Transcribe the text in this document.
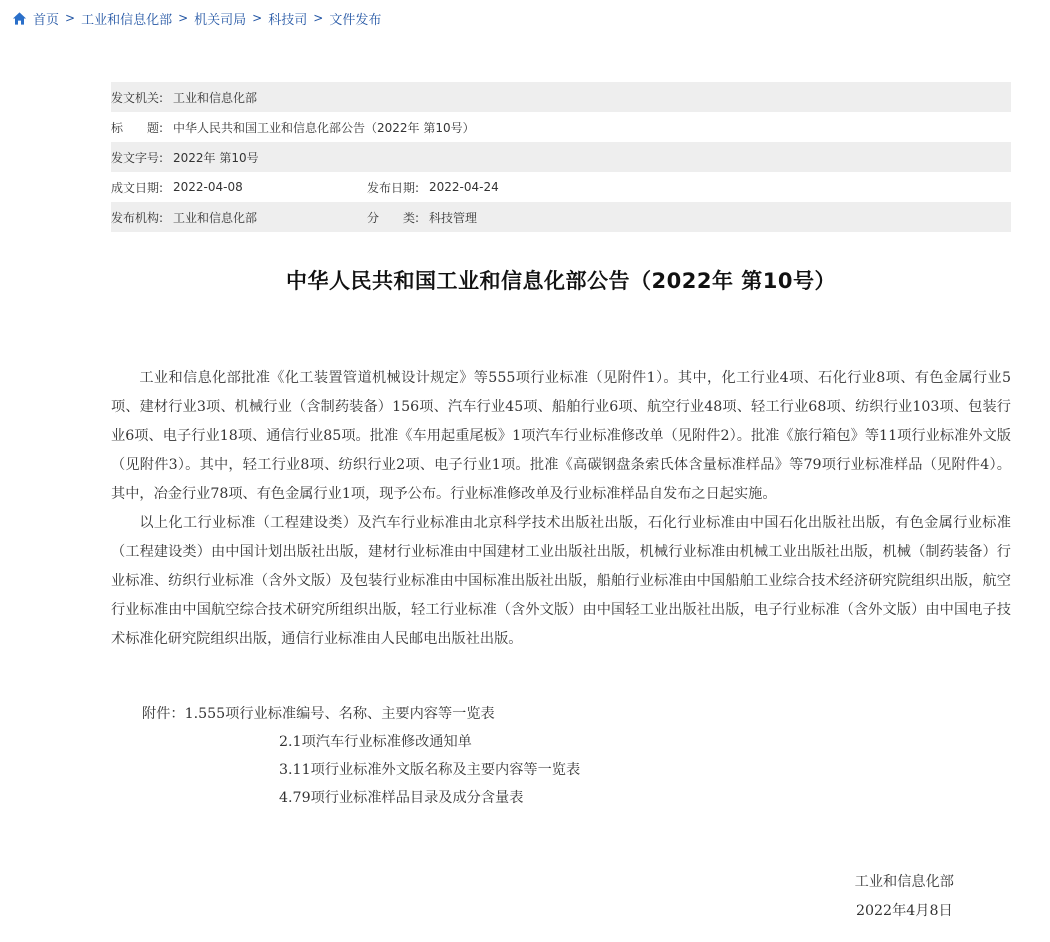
首页 > 工业和信息化部 > 机关司局 > 科技司 > 文件发布
发文机关: 工业和信息化部
标　　题: 中华人民共和国工业和信息化部公告（2022年 第10号）
发文字号: 2022年 第10号
成文日期: 2022-04-08	发布日期: 2022-04-24
发布机构: 工业和信息化部	分　　类: 科技管理
中华人民共和国工业和信息化部公告（2022年 第10号）

工业和信息化部批准《化工装置管道机械设计规定》等555项行业标准（见附件1）。其中，化工行业4项、石化行业8项、有色金属行业5项、建材行业3项、机械行业（含制药装备）156项、汽车行业45项、船舶行业6项、航空行业48项、轻工行业68项、纺织行业103项、包装行业6项、电子行业18项、通信行业85项。批准《车用起重尾板》1项汽车行业标准修改单（见附件2）。批准《旅行箱包》等11项行业标准外文版（见附件3）。其中，轻工行业8项、纺织行业2项、电子行业1项。批准《高碳钢盘条索氏体含量标准样品》等79项行业标准样品（见附件4）。其中，冶金行业78项、有色金属行业1项，现予公布。行业标准修改单及行业标准样品自发布之日起实施。

以上化工行业标准（工程建设类）及汽车行业标准由北京科学技术出版社出版，石化行业标准由中国石化出版社出版，有色金属行业标准（工程建设类）由中国计划出版社出版，建材行业标准由中国建材工业出版社出版，机械行业标准由机械工业出版社出版，机械（制药装备）行业标准、纺织行业标准（含外文版）及包装行业标准由中国标准出版社出版，船舶行业标准由中国船舶工业综合技术经济研究院组织出版，航空行业标准由中国航空综合技术研究所组织出版，轻工行业标准（含外文版）由中国轻工业出版社出版，电子行业标准（含外文版）由中国电子技术标准化研究院组织出版，通信行业标准由人民邮电出版社出版。

附件：1.555项行业标准编号、名称、主要内容等一览表
2.1项汽车行业标准修改通知单
3.11项行业标准外文版名称及主要内容等一览表
4.79项行业标准样品目录及成分含量表
工业和信息化部
2022年4月8日
